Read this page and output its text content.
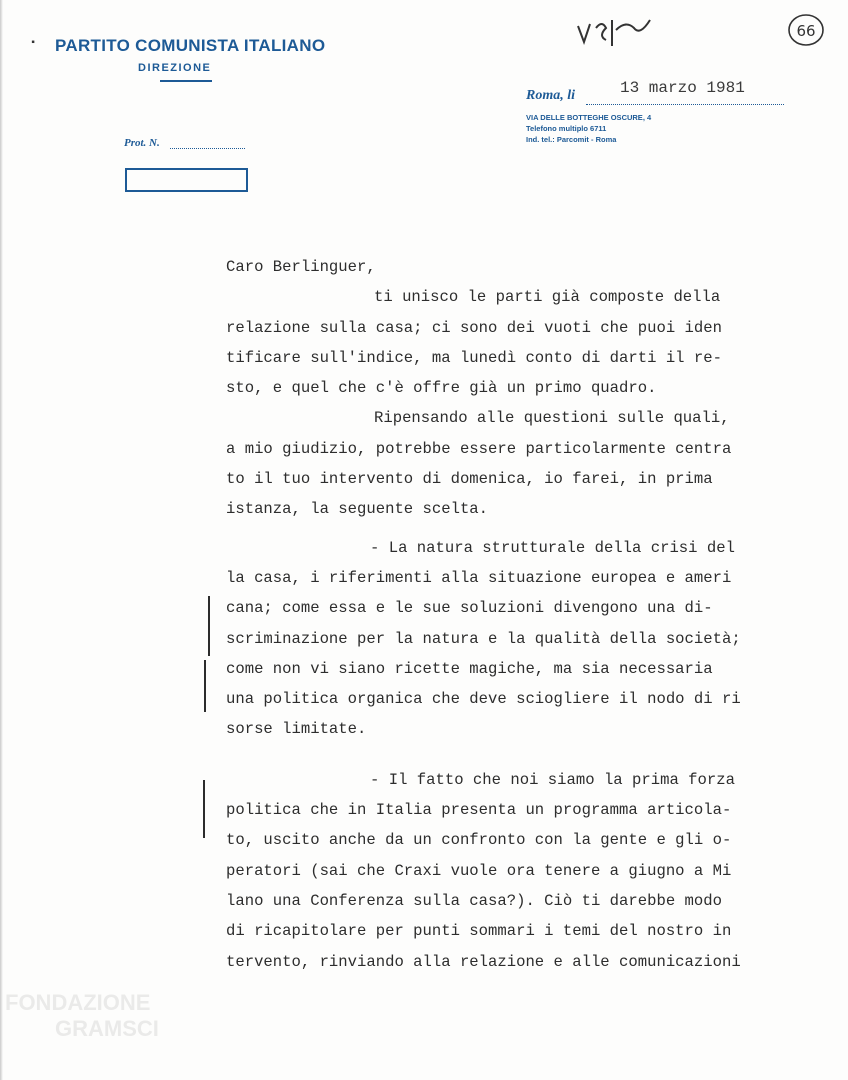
▪ PARTITO COMUNISTA ITALIANO
DIREZIONE
Prot. N.
66
13 marzo 1981
Roma, li
VIA DELLE BOTTEGHE OSCURE, 4
Telefono multiplo 6711
Ind. tel.: Parcomit - Roma
Caro Berlinguer,
ti unisco le parti già composte della
relazione sulla casa; ci sono dei vuoti che puoi iden
tificare sull'indice, ma lunedì conto di darti il re-
sto, e quel che c'è offre già un primo quadro.
Ripensando alle questioni sulle quali,
a mio giudizio, potrebbe essere particolarmente centra
to il tuo intervento di domenica, io farei, in prima
istanza, la seguente scelta.
- La natura strutturale della crisi del
la casa, i riferimenti alla situazione europea e ameri
cana; come essa e le sue soluzioni divengono una di-
scriminazione per la natura e la qualità della società;
come non vi siano ricette magiche, ma sia necessaria
una politica organica che deve sciogliere il nodo di ri
sorse limitate.
- Il fatto che noi siamo la prima forza
politica che in Italia presenta un programma articola-
to, uscito anche da un confronto con la gente e gli o-
peratori (sai che Craxi vuole ora tenere a giugno a Mi
lano una Conferenza sulla casa?). Ciò ti darebbe modo
di ricapitolare per punti sommari i temi del nostro in
tervento, rinviando alla relazione e alle comunicazioni
FONDAZIONE
GRAMSCI
